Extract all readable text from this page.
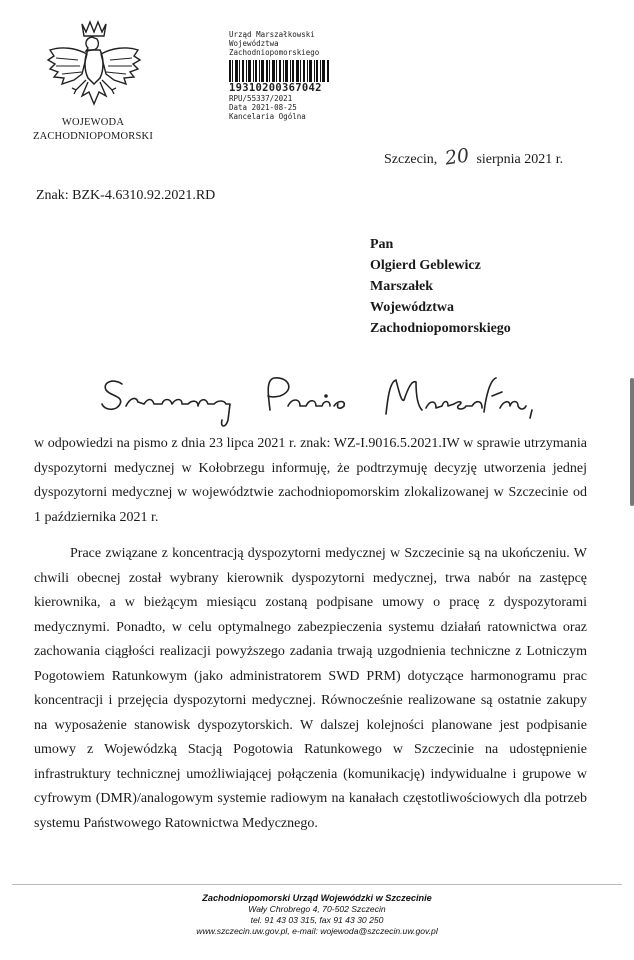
WOJEWODA
ZACHODNIOPOMORSKI
Urząd Marszałkowski
Województwa
Zachodniopomorskiego
19310200367042
RPU/55337/2021
Data 2021-08-25
Kancelaria Ogólna
Szczecin, 20 sierpnia 2021 r.
Znak: BZK-4.6310.92.2021.RD
Pan
Olgierd Geblewicz
Marszałek
Województwa
Zachodniopomorskiego

w odpowiedzi na pismo z dnia 23 lipca 2021 r. znak: WZ-I.9016.5.2021.IW w sprawie utrzymania dyspozytorni medycznej w Kołobrzegu informuję, że podtrzymuję decyzję utworzenia jednej dyspozytorni medycznej w województwie zachodniopomorskim zlokalizowanej w Szczecinie od 1 października 2021 r.

Prace związane z koncentracją dyspozytorni medycznej w Szczecinie są na ukończeniu. W chwili obecnej został wybrany kierownik dyspozytorni medycznej, trwa nabór na zastępcę kierownika, a w bieżącym miesiącu zostaną podpisane umowy o pracę z dyspozytorami medycznymi. Ponadto, w celu optymalnego zabezpieczenia systemu działań ratownictwa oraz zachowania ciągłości realizacji powyższego zadania trwają uzgodnienia techniczne z Lotniczym Pogotowiem Ratunkowym (jako administratorem SWD PRM) dotyczące harmonogramu prac koncentracji i przejęcia dyspozytorni medycznej. Równocześnie realizowane są ostatnie zakupy na wyposażenie stanowisk dyspozytorskich. W dalszej kolejności planowane jest podpisanie umowy z Wojewódzką Stacją Pogotowia Ratunkowego w Szczecinie na udostępnienie infrastruktury technicznej umożliwiającej połączenia (komunikację) indywidualne i grupowe w cyfrowym (DMR)/analogowym systemie radiowym na kanałach częstotliwościowych dla potrzeb systemu Państwowego Ratownictwa Medycznego.

Zachodniopomorski Urząd Wojewódzki w Szczecinie
Wały Chrobrego 4, 70-502 Szczecin
tel. 91 43 03 315, fax 91 43 30 250
www.szczecin.uw.gov.pl, e-mail: wojewoda@szczecin.uw.gov.pl
